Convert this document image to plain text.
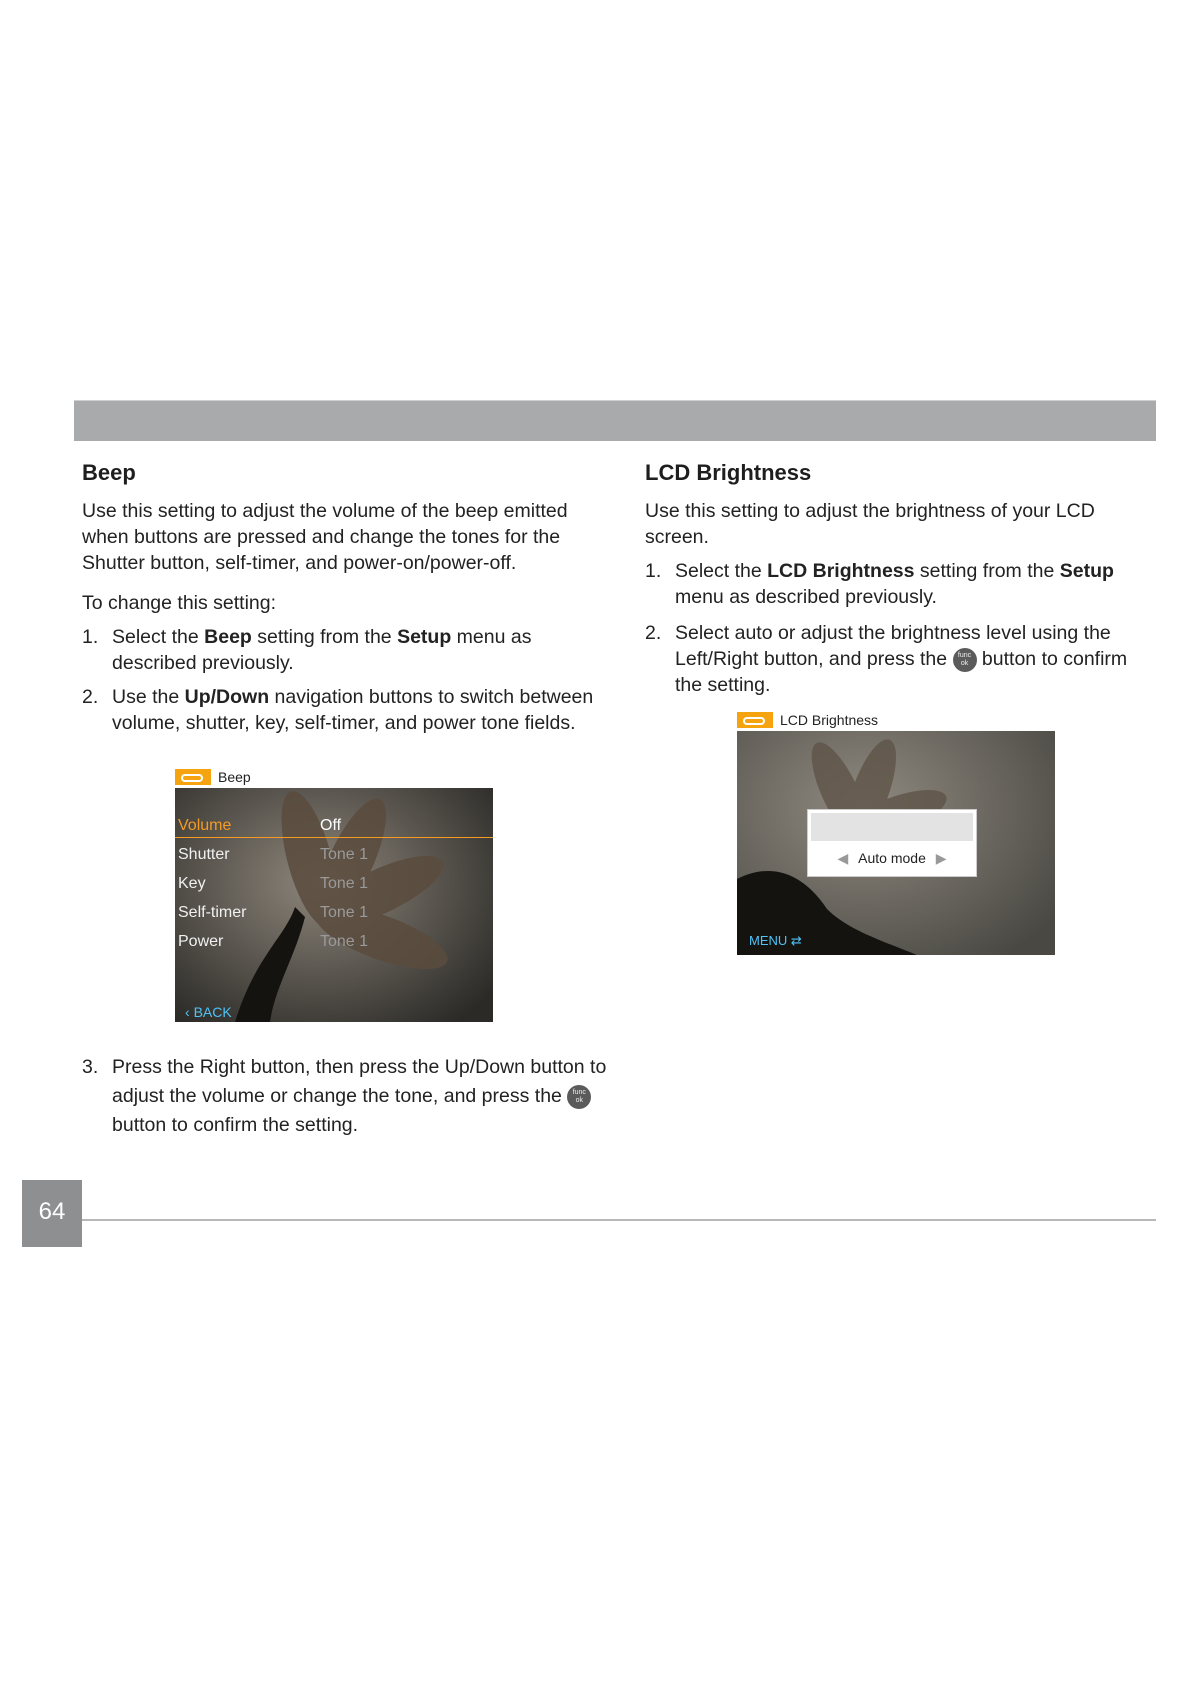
Beep

Use this setting to adjust the volume of the beep emitted when buttons are pressed and change the tones for the Shutter button, self-timer, and power-on/power-off.

To change this setting:

1. Select the Beep setting from the Setup menu as described previously.
2. Use the Up/Down navigation buttons to switch between volume, shutter, key, self-timer, and power tone fields.
Beep
Volume	Off
Shutter	Tone 1
Key	Tone 1
Self-timer	Tone 1
Power	Tone 1
‹ BACK
3. Press the Right button, then press the Up/Down button to adjust the volume or change the tone, and press the func
ok button to confirm the setting.
LCD Brightness

Use this setting to adjust the brightness of your LCD screen.

1. Select the LCD Brightness setting from the Setup menu as described previously.
2. Select auto or adjust the brightness level using the Left/Right button, and press the func
ok button to confirm the setting.
LCD Brightness
◀ Auto mode ▶
MENU ⇄
64
